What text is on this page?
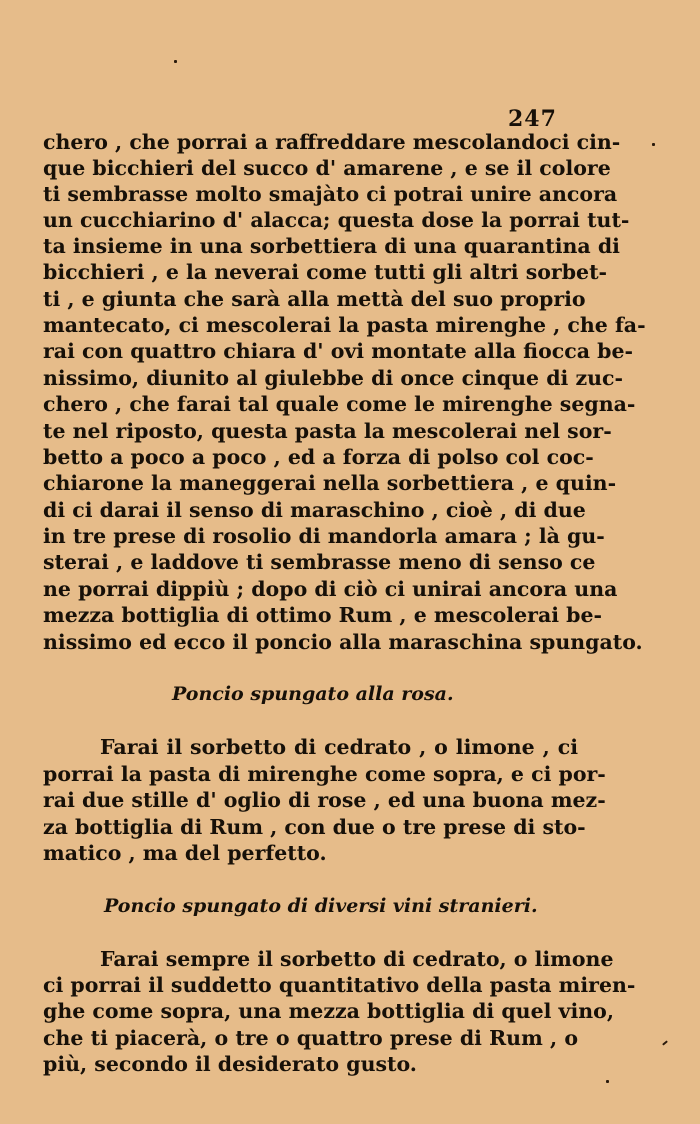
247
chero , che porrai a raffreddare mescolandoci cin-
que bicchieri del succo d' amarene , e se il colore
ti sembrasse molto smajàto ci potrai unire ancora
un cucchiarino d' alacca; questa dose la porrai tut-
ta insieme in una sorbettiera di una quarantina di
bicchieri , e la neverai come tutti gli altri sorbet-
ti , e giunta che sarà alla mettà del suo proprio
mantecato, ci mescolerai la pasta mirenghe , che fa-
rai con quattro chiara d' ovi montate alla fiocca be-
nissimo, diunito al giulebbe di once cinque di zuc-
chero , che farai tal quale come le mirenghe segna-
te nel riposto, questa pasta la mescolerai nel sor-
betto a poco a poco , ed a forza di polso col coc-
chiarone la maneggerai nella sorbettiera , e quin-
di ci darai il senso di maraschino , cioè , di due
in tre prese di rosolio di mandorla amara ; là gu-
sterai , e laddove ti sembrasse meno di senso ce
ne porrai dippiù ; dopo di ciò ci unirai ancora una
mezza bottiglia di ottimo Rum , e mescolerai be-
nissimo ed ecco il poncio alla maraschina spungato.
Poncio spungato alla rosa.
Farai il sorbetto di cedrato , o limone , ci
porrai la pasta di mirenghe come sopra, e ci por-
rai due stille d' oglio di rose , ed una buona mez-
za bottiglia di Rum , con due o tre prese di sto-
matico , ma del perfetto.
Poncio spungato di diversi vini stranieri.
Farai sempre il sorbetto di cedrato, o limone
ci porrai il suddetto quantitativo della pasta miren-
ghe come sopra, una mezza bottiglia di quel vino,
che ti piacerà, o tre o quattro prese di Rum , o
più, secondo il desiderato gusto.
